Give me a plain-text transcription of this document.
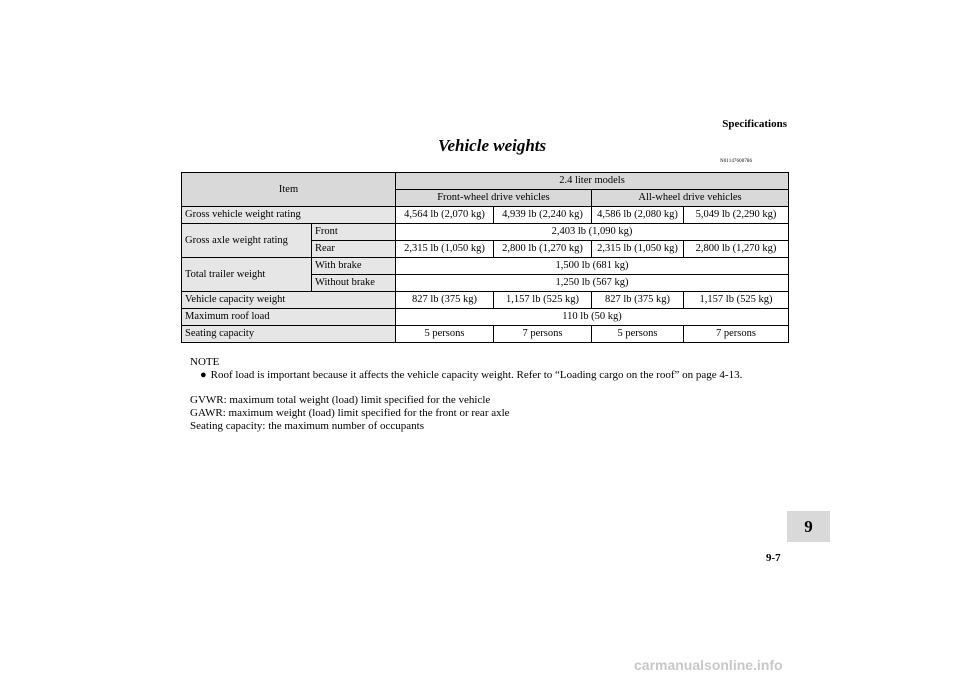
Specifications
Vehicle weights
N01147600786
Item		2.4 liter models			
		Front-wheel drive vehicles		All-wheel drive vehicles	
Gross vehicle weight rating		4,564 lb (2,070 kg)	4,939 lb (2,240 kg)	4,586 lb (2,080 kg)	5,049 lb (2,290 kg)
Gross axle weight rating	Front	2,403 lb (1,090 kg)			
	Rear	2,315 lb (1,050 kg)	2,800 lb (1,270 kg)	2,315 lb (1,050 kg)	2,800 lb (1,270 kg)
Total trailer weight	With brake	1,500 lb (681 kg)			
	Without brake	1,250 lb (567 kg)			
Vehicle capacity weight		827 lb (375 kg)	1,157 lb (525 kg)	827 lb (375 kg)	1,157 lb (525 kg)
Maximum roof load		110 lb (50 kg)			
Seating capacity		5 persons	7 persons	5 persons	7 persons
NOTE
● Roof load is important because it affects the vehicle capacity weight. Refer to “Loading cargo on the roof” on page 4-13.
GVWR: maximum total weight (load) limit specified for the vehicle
GAWR: maximum weight (load) limit specified for the front or rear axle
Seating capacity: the maximum number of occupants
9
9-7
carmanualsonline.info
